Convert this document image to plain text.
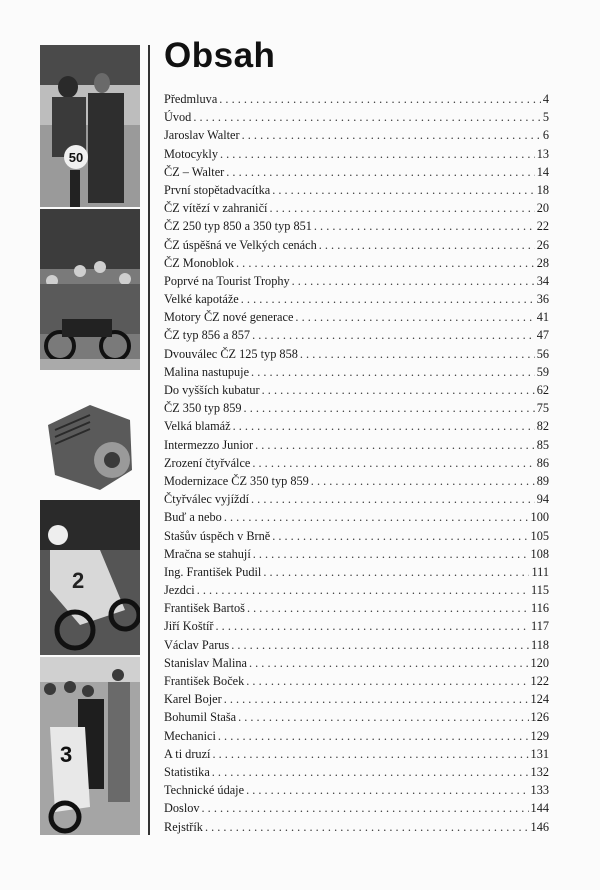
50
2
3
Obsah
Předmluva . . .	4
Úvod . . .	5
Jaroslav Walter . . .	6
Motocykly . . .	13
ČZ – Walter . . .	14
První stopětadvacítka . . .	18
ČZ vítězí v zahraničí . . .	20
ČZ 250 typ 850 a 350 typ 851 . . .	22
ČZ úspěšná ve Velkých cenách . . .	26
ČZ Monoblok . . .	28
Poprvé na Tourist Trophy . . .	34
Velké kapotáže . . .	36
Motory ČZ nové generace . . .	41
ČZ typ 856 a 857 . . .	47
Dvouválec ČZ 125 typ 858 . . .	56
Malina nastupuje . . .	59
Do vyšších kubatur . . .	62
ČZ 350 typ 859 . . .	75
Velká blamáž . . .	82
Intermezzo Junior . . .	85
Zrození čtyřválce . . .	86
Modernizace ČZ 350 typ 859 . . .	89
Čtyřválec vyjíždí . . .	94
Buď a nebo . . .	100
Stašův úspěch v Brně . . .	105
Mračna se stahují . . .	108
Ing. František Pudil . . .	111
Jezdci . . .	115
František Bartoš . . .	116
Jiří Koštíř . . .	117
Václav Parus . . .	118
Stanislav Malina . . .	120
František Boček . . .	122
Karel Bojer . . .	124
Bohumil Staša . . .	126
Mechanici . . .	129
A ti druzí . . .	131
Statistika . . .	132
Technické údaje . . .	133
Doslov . . .	144
Rejstřík . . .	146
